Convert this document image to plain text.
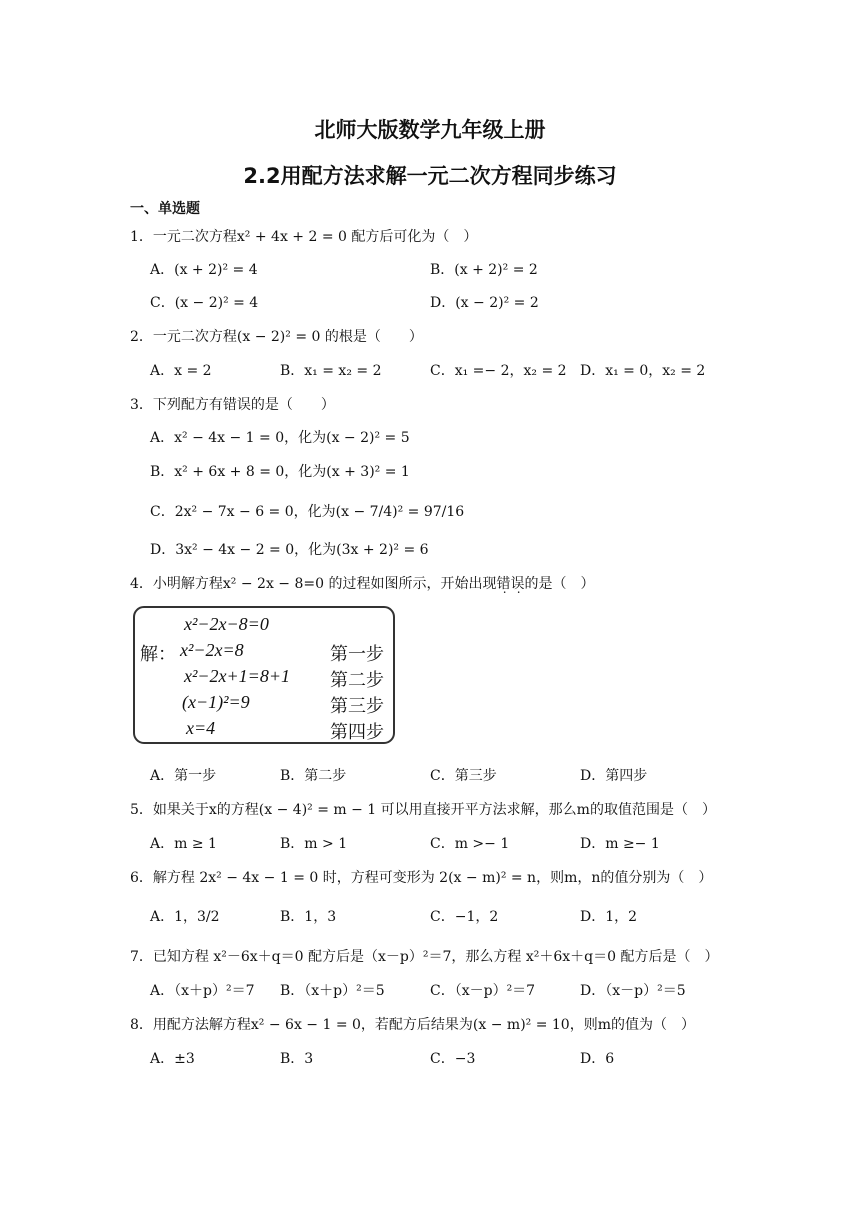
北师大版数学九年级上册
2.2用配方法求解一元二次方程同步练习
一、单选题
1．一元二次方程x² + 4x + 2 = 0 配方后可化为（　）
A．(x + 2)² = 4	B．(x + 2)² = 2
C．(x − 2)² = 4	D．(x − 2)² = 2
2．一元二次方程(x − 2)² = 0 的根是（　　）
A．x = 2	B．x₁ = x₂ = 2	C．x₁ =− 2，x₂ = 2 D．x₁ = 0，x₂ = 2
3．下列配方有错误的是（　　）
A．x² − 4x − 1 = 0，化为(x − 2)² = 5
B．x² + 6x + 8 = 0，化为(x + 3)² = 1
C．2x² − 7x − 6 = 0，化为(x − 7/4)² = 97/16
D．3x² − 4x − 2 = 0，化为(3x + 2)² = 6
4．小明解方程x² − 2x − 8=0 的过程如图所示，开始出现错误的是（　）
x²−2x−8=0
解： x²−2x=8	第一步
x²−2x+1=8+1 第二步
(x−1)²=9	第三步
x=4	第四步
A．第一步	B．第二步	C．第三步	D．第四步
5．如果关于x的方程(x − 4)² = m − 1 可以用直接开平方法求解，那么m的取值范围是（　）
A．m ≥ 1	B．m > 1	C．m >− 1	D．m ≥− 1
6．解方程 2x² − 4x − 1 = 0 时，方程可变形为 2(x − m)² = n，则m，n的值分别为（　）
A．1，3/2	B．1，3	C．−1，2	D．1，2
7．已知方程 x²－6x＋q＝0 配方后是（x－p）²＝7，那么方程 x²＋6x＋q＝0 配方后是（　）
A．（x＋p）²＝7 B．（x＋p）²＝5	C．（x－p）²＝7	D．（x－p）²＝5
8．用配方法解方程x² − 6x − 1 = 0，若配方后结果为(x − m)² = 10，则m的值为（　）
A．±3	B．3	C．−3	D．6
